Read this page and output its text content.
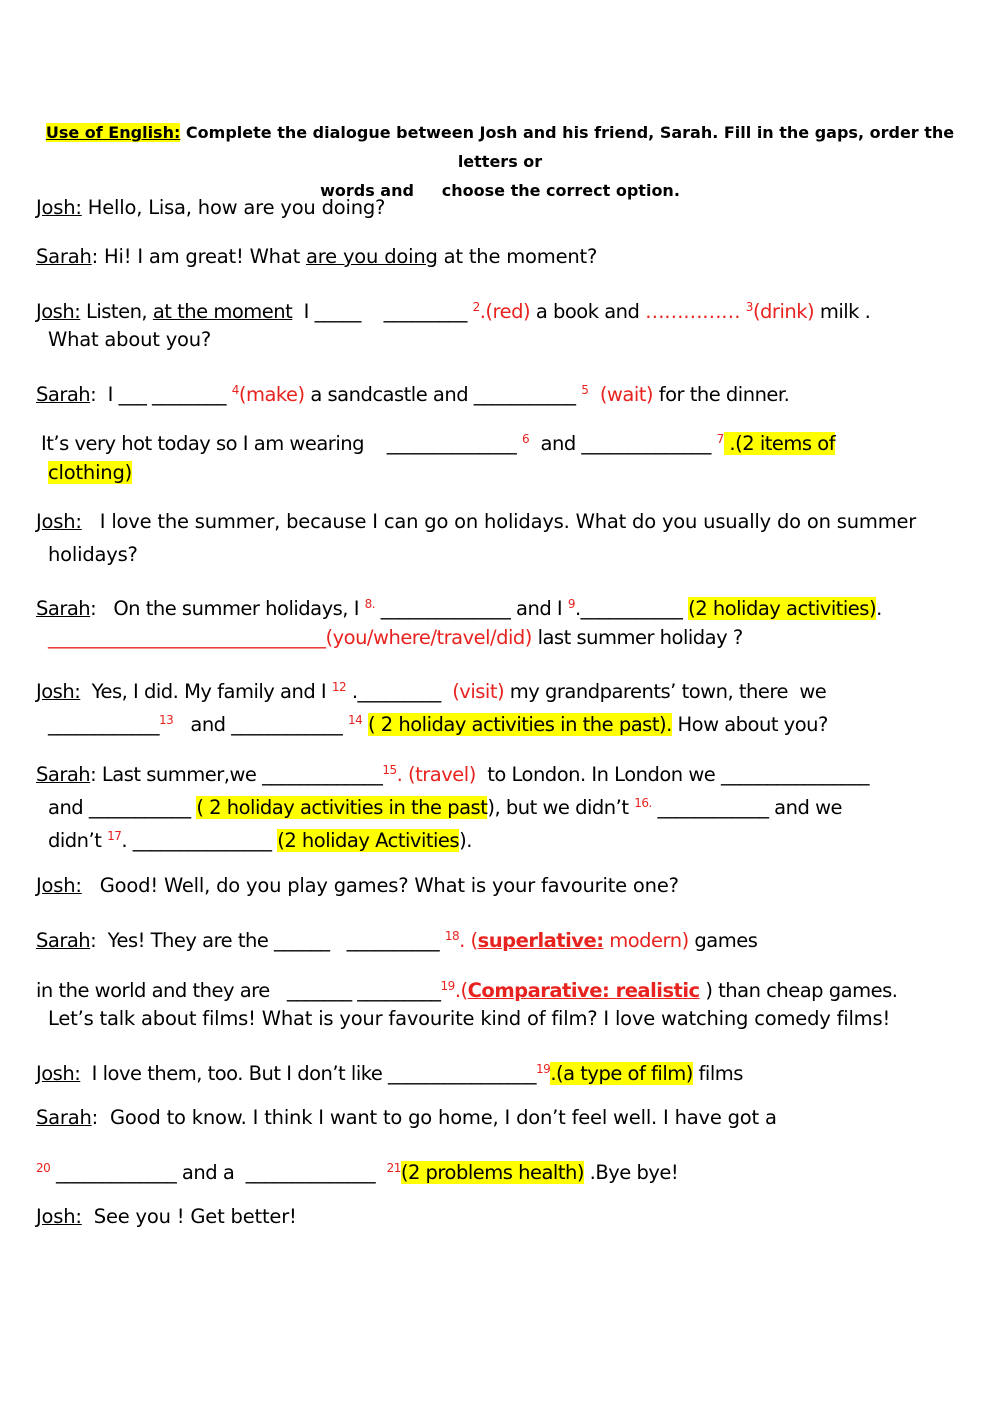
Use of English: Complete the dialogue between Josh and his friend, Sarah. Fill in the gaps, order the letters or
words and     choose the correct option.
Josh: Hello, Lisa, how are you doing?
Sarah: Hi! I am great! What are you doing at the moment?
Josh: Listen, at the moment  I _____    _________ $^2$.(red) a book and …………… $^3$(drink) milk .
What about you?
Sarah:  I ___ ________ $^4$(make) a sandcastle and ___________ $^5$ (wait) for the dinner.
It’s very hot today so I am wearing    ______________ $^6$  and ______________ $^7$ .(2 items of
clothing)
Josh:   I love the summer, because I can go on holidays. What do you usually do on summer
holidays?
Sarah:   On the summer holidays, I $^{8.}$ ______________ and I $^9$.___________ (2 holiday activities).
______________________________(you/where/travel/did) last summer holiday ?
Josh:  Yes, I did. My family and I $^{12}$ ._________  (visit) my grandparents’ town, there  we
____________$^{13}$   and ____________ $^{14}$ ( 2 holiday activities in the past). How about you?
Sarah: Last summer,we _____________$^{15}$. (travel)  to London. In London we ________________
and ___________ ( 2 holiday activities in the past), but we didn’t $^{16.}$ ____________ and we
didn’t $^{17}$. _______________ (2 holiday Activities).
Josh:   Good! Well, do you play games? What is your favourite one?
Sarah:  Yes! They are the ______   __________ $^{18}$. (superlative: modern) games
in the world and they are   _______ _________$^{19}$.(Comparative: realistic ) than cheap games.
Let’s talk about films! What is your favourite kind of film? I love watching comedy films!
Josh:  I love them, too. But I don’t like ________________$^{19}$.(a type of film) films
Sarah:  Good to know. I think I want to go home, I don’t feel well. I have got a
$^{20}$ _____________ and a  ______________  $^{21}$(2 problems health) .Bye bye!
Josh:  See you ! Get better!
